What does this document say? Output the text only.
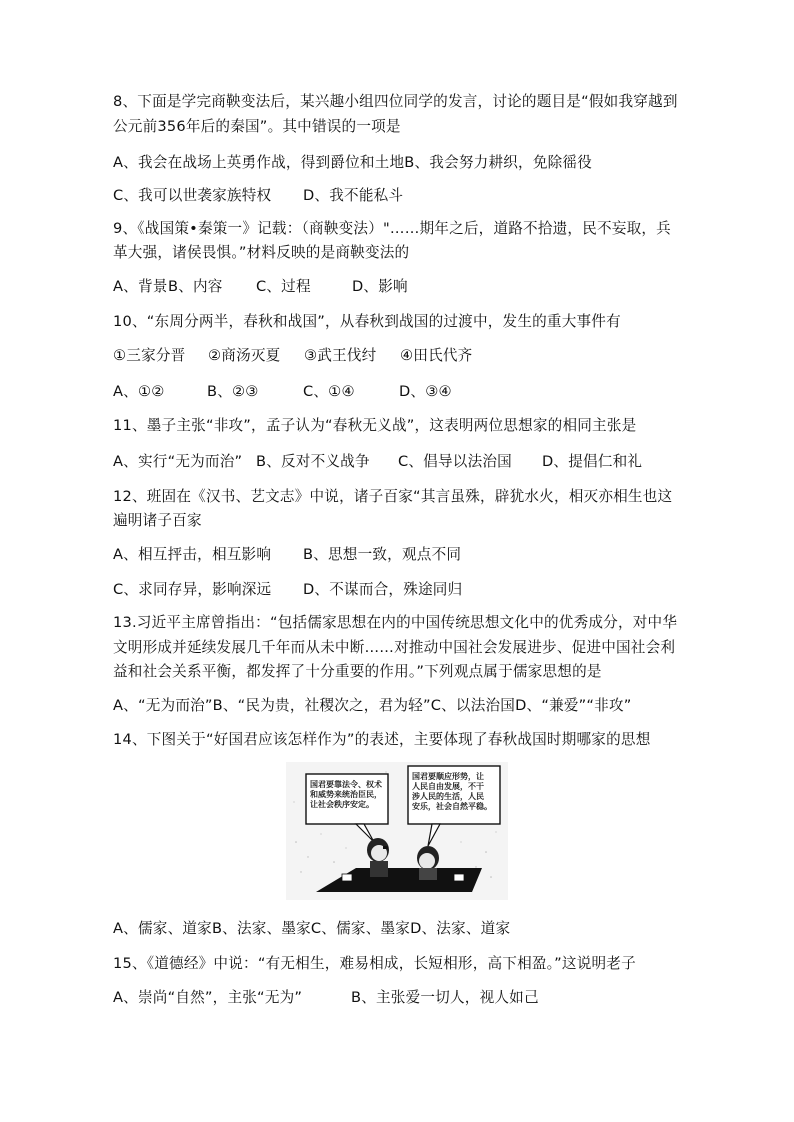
8、下面是学完商鞅变法后，某兴趣小组四位同学的发言，讨论的题目是“假如我穿越到
公元前356年后的秦国”。其中错误的一项是
A、我会在战场上英勇作战，得到爵位和土地B、我会努力耕织，免除徭役
C、我可以世袭家族特权 D、我不能私斗
9、《战国策•秦策一》记载：（商鞅变法）"……期年之后，道路不拾遗，民不妄取，兵
革大强，诸侯畏惧。”材料反映的是商鞅变法的
A、背景B、内容 C、过程	D、影响
10、“东周分两半，春秋和战国”，从春秋到战国的过渡中，发生的重大事件有
①三家分晋 ②商汤灭夏 ③武王伐纣 ④田氏代齐
A、①②	B、②③	C、①④	D、③④
11、墨子主张“非攻”，孟子认为“春秋无义战”，这表明两位思想家的相同主张是
A、实行“无为而治” B、反对不义战争 C、倡导以法治国 D、提倡仁和礼
12、班固在《汉书、艺文志》中说，诸子百家“其言虽殊，辟犹水火，相灭亦相生也这
遍明诸子百家
A、相互抨击，相互影响 B、思想一致，观点不同
C、求同存异，影响深远 D、不谋而合，殊途同归
13.习近平主席曾指出：“包括儒家思想在内的中国传统思想文化中的优秀成分，对中华
文明形成并延续发展几千年而从未中断……对推动中国社会发展进步、促进中国社会利
益和社会关系平衡，都发挥了十分重要的作用。”下列观点属于儒家思想的是
A、“无为而治”B、“民为贵，社稷次之，君为轻”C、以法治国D、“兼爱”“非攻”
14、下图关于“好国君应该怎样作为”的表述，主要体现了春秋战国时期哪家的思想
国君要靠法令、权术
和威势来统治臣民，
让社会秩序安定。
国君要顺应形势，让
人民自由发展，不干
涉人民的生活，人民
安乐，社会自然平稳。
A、儒家、道家B、法家、墨家C、儒家、墨家D、法家、道家
15、《道德经》中说：“有无相生，难易相成，长短相形，高下相盈。”这说明老子
A、崇尚“自然”，主张“无为”	B、主张爱一切人，视人如己
